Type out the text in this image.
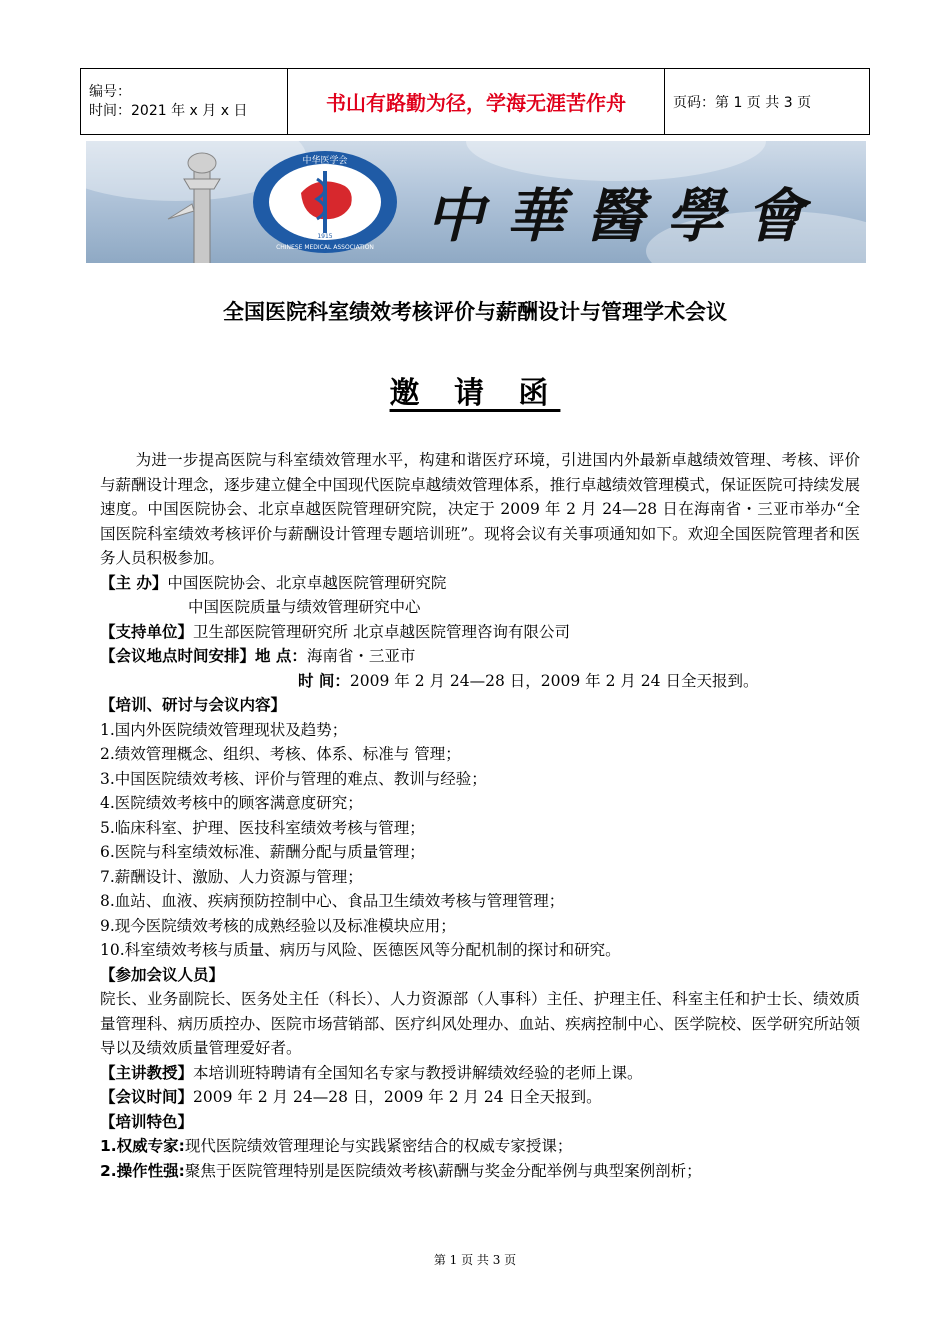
编号：
时间：2021 年 x 月 x 日	书山有路勤为径，学海无涯苦作舟	页码：第 1 页 共 3 页
中华医学会
CHINESE MEDICAL ASSOCIATION
1915 中華醫學會
全国医院科室绩效考核评价与薪酬设计与管理学术会议
邀 请 函

为进一步提高医院与科室绩效管理水平，构建和谐医疗环境，引进国内外最新卓越绩效管理、考核、评价与薪酬设计理念，逐步建立健全中国现代医院卓越绩效管理体系，推行卓越绩效管理模式，保证医院可持续发展速度。中国医院协会、北京卓越医院管理研究院，决定于 2009 年 2 月 24—28 日在海南省・三亚市举办“全国医院科室绩效考核评价与薪酬设计管理专题培训班”。现将会议有关事项通知如下。欢迎全国医院管理者和医务人员积极参加。

【主 办】中国医院协会、北京卓越医院管理研究院

中国医院质量与绩效管理研究中心

【支持单位】卫生部医院管理研究所 北京卓越医院管理咨询有限公司

【会议地点时间安排】地 点：海南省・三亚市

时 间：2009 年 2 月 24—28 日，2009 年 2 月 24 日全天报到。

【培训、研讨与会议内容】

1.国内外医院绩效管理现状及趋势；

2.绩效管理概念、组织、考核、体系、标准与 管理；

3.中国医院绩效考核、评价与管理的难点、教训与经验；

4.医院绩效考核中的顾客满意度研究；

5.临床科室、护理、医技科室绩效考核与管理；

6.医院与科室绩效标准、薪酬分配与质量管理；

7.薪酬设计、激励、人力资源与管理；

8.血站、血液、疾病预防控制中心、食品卫生绩效考核与管理管理；

9.现今医院绩效考核的成熟经验以及标准模块应用；

10.科室绩效考核与质量、病历与风险、医德医风等分配机制的探讨和研究。

【参加会议人员】

院长、业务副院长、医务处主任（科长）、人力资源部（人事科）主任、护理主任、科室主任和护士长、绩效质量管理科、病历质控办、医院市场营销部、医疗纠风处理办、血站、疾病控制中心、医学院校、医学研究所站领导以及绩效质量管理爱好者。

【主讲教授】本培训班特聘请有全国知名专家与教授讲解绩效经验的老师上课。

【会议时间】2009 年 2 月 24—28 日，2009 年 2 月 24 日全天报到。

【培训特色】

1.权威专家:现代医院绩效管理理论与实践紧密结合的权威专家授课；

2.操作性强:聚焦于医院管理特别是医院绩效考核\薪酬与奖金分配举例与典型案例剖析；

第 1 页 共 3 页
